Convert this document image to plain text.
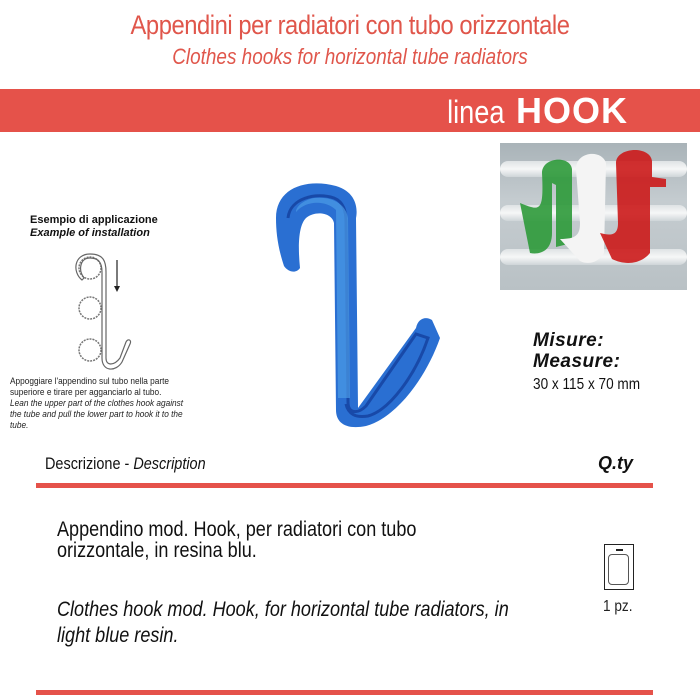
Appendini per radiatori con tubo orizzontale
Clothes hooks for horizontal tube radiators
linea HOOK
Esempio di applicazione
Example of installation
Appoggiare l'appendino sul tubo nella parte superiore e tirare per agganciarlo al tubo.
Lean the upper part of the clothes hook against the tube and pull the lower part to hook it to the tube.
Misure:
Measure:
30 x 115 x 70 mm
Descrizione - Description	Q.ty
Appendino mod. Hook, per radiatori con tubo orizzontale, in resina blu.
Clothes hook mod. Hook, for horizontal tube radiators, in light blue resin.
1 pz.
